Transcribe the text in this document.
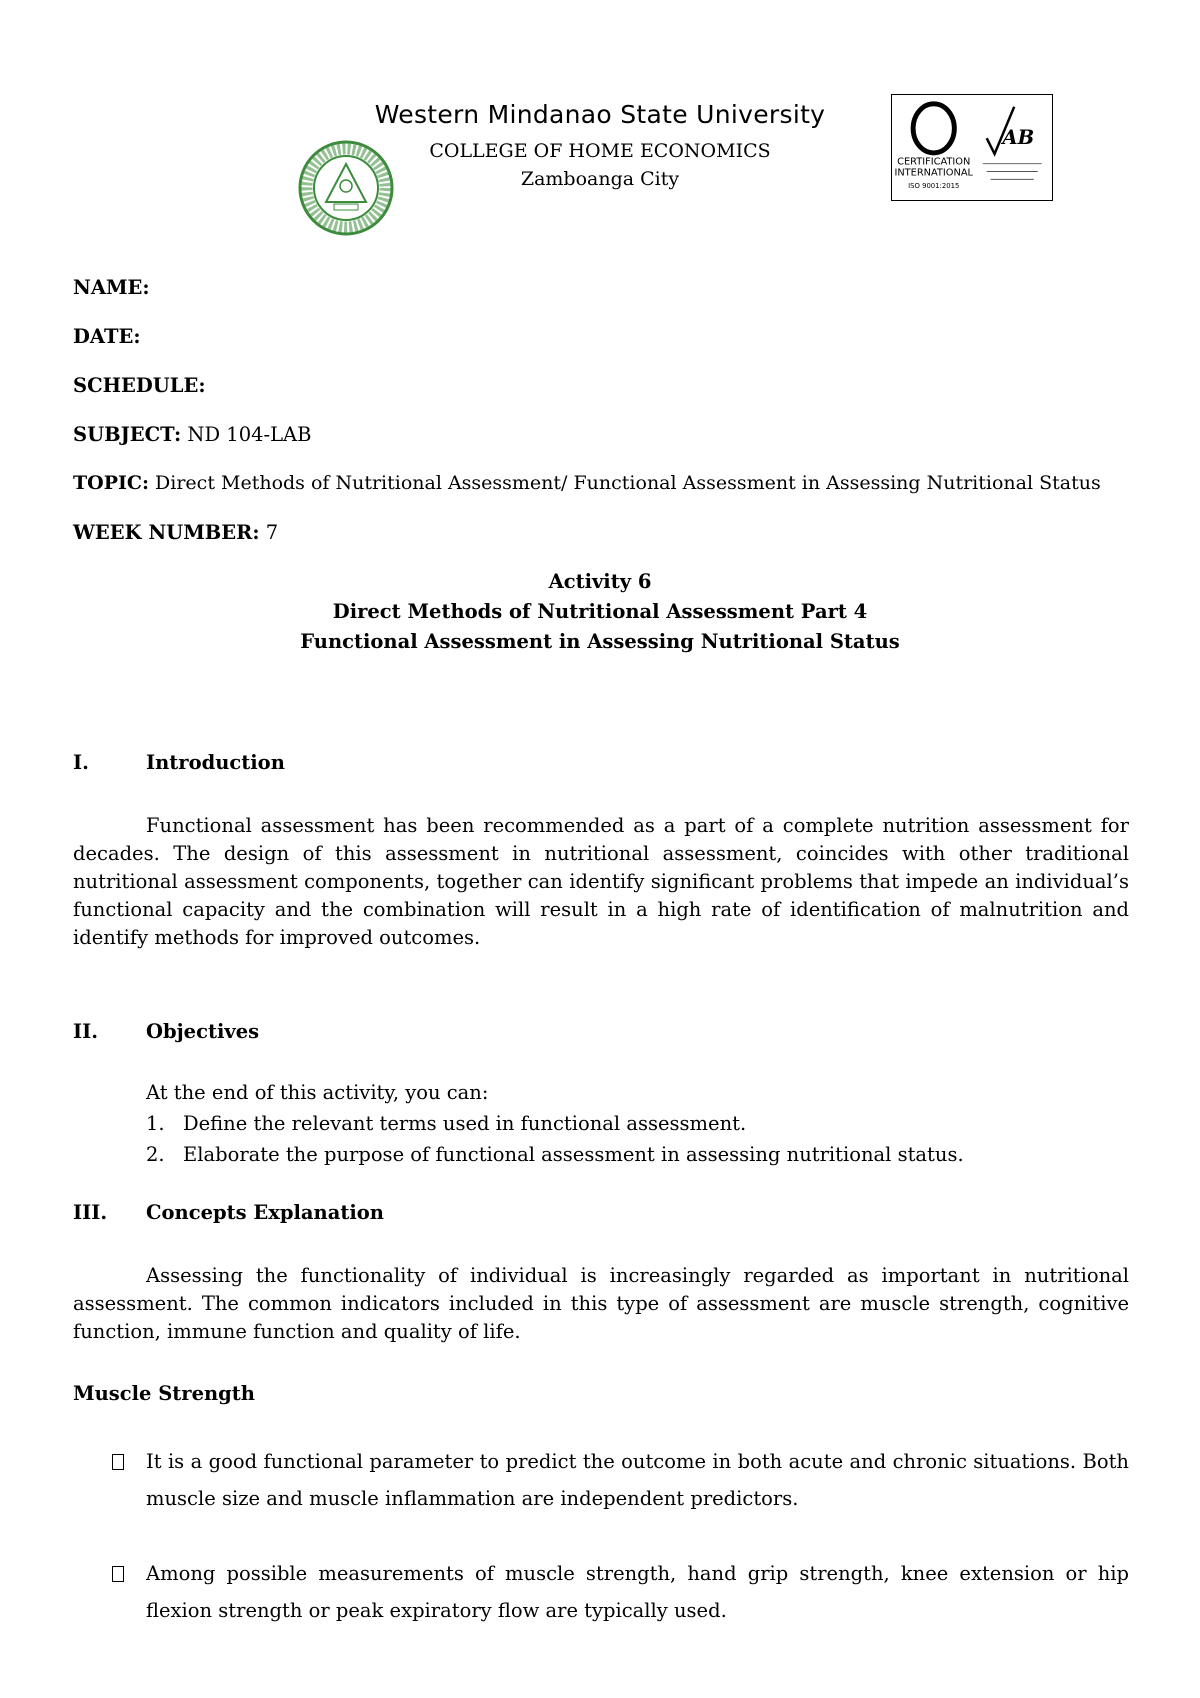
Western Mindanao State University
COLLEGE OF HOME ECONOMICS
Zamboanga City
CERTIFICATION
INTERNATIONAL
ISO 9001:2015
AB
NAME:
DATE:
SCHEDULE:
SUBJECT: ND 104-LAB
TOPIC: Direct Methods of Nutritional Assessment/ Functional Assessment in Assessing Nutritional Status
WEEK NUMBER: 7
Activity 6
Direct Methods of Nutritional Assessment Part 4
Functional Assessment in Assessing Nutritional Status
I.	Introduction
Functional assessment has been recommended as a part of a complete nutrition assessment for decades. The design of this assessment in nutritional assessment, coincides with other traditional nutritional assessment components, together can identify significant problems that impede an individual’s functional capacity and the combination will result in a high rate of identification of malnutrition and identify methods for improved outcomes.
II. Objectives
At the end of this activity, you can:
1. Define the relevant terms used in functional assessment.
2. Elaborate the purpose of functional assessment in assessing nutritional status.
III. Concepts Explanation
Assessing the functionality of individual is increasingly regarded as important in nutritional assessment. The common indicators included in this type of assessment are muscle strength, cognitive function, immune function and quality of life.
Muscle Strength
It is a good functional parameter to predict the outcome in both acute and chronic situations. Both muscle size and muscle inflammation are independent predictors.
Among possible measurements of muscle strength, hand grip strength, knee extension or hip flexion strength or peak expiratory flow are typically used.
